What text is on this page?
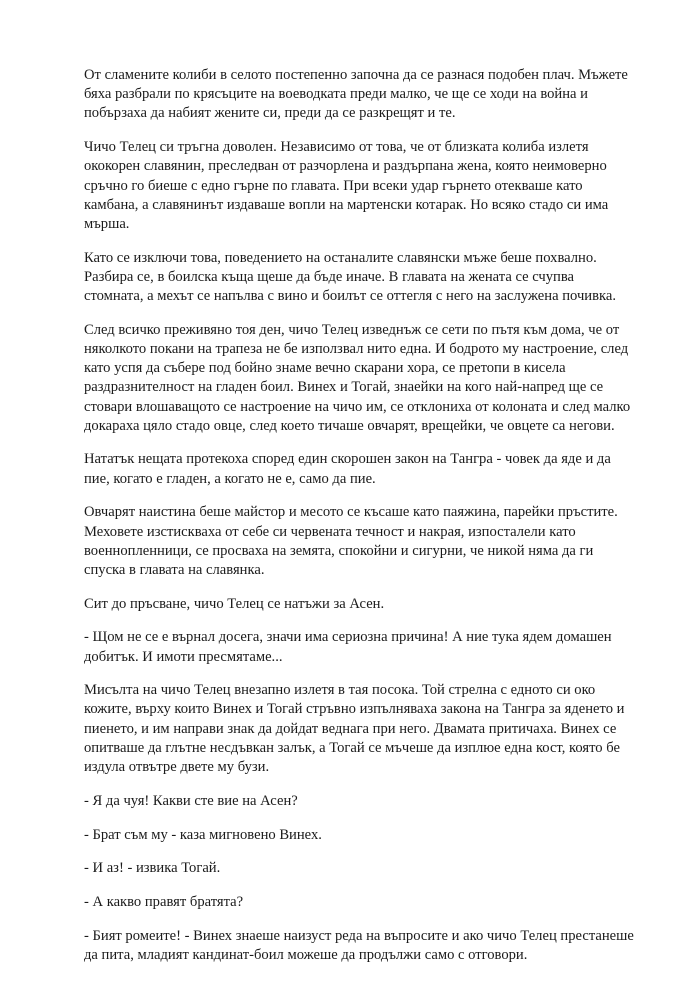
От сламените колиби в селото постепенно започна да се разнася подобен плач. Мъжете
бяха разбрали по крясъците на воеводката преди малко, че ще се ходи на война и
побързаха да набият жените си, преди да се разкрещят и те.

Чичо Телец си тръгна доволен. Независимо от това, че от близката колиба излетя
ококорен славянин, преследван от разчорлена и раздърпана жена, която неимоверно
сръчно го биеше с едно гърне по главата. При всеки удар гърнето отекваше като
камбана, а славянинът издаваше вопли на мартенски котарак. Но всяко стадо си има
мърша.

Като се изключи това, поведението на останалите славянски мъже беше похвално.
Разбира се, в боилска къща щеше да бъде иначе. В главата на жената се счупва
стомната, а мехът се напълва с вино и боилът се оттегля с него на заслужена почивка.

След всичко преживяно тоя ден, чичо Телец изведнъж се сети по пътя към дома, че от
няколкото покани на трапеза не бе използвал нито една. И бодрото му настроение, след
като успя да събере под бойно знаме вечно скарани хора, се претопи в кисела
раздразнителност на гладен боил. Винех и Тогай, знаейки на кого най-напред ще се
стовари влошаващото се настроение на чичо им, се отклониха от колоната и след малко
докараха цяло стадо овце, след което тичаше овчарят, врещейки, че овцете са негови.

Нататък нещата протекоха според един скорошен закон на Тангра - човек да яде и да
пие, когато е гладен, а когато не е, само да пие.

Овчарят наистина беше майстор и месото се късаше като паяжина, парейки пръстите.
Меховете изстискваха от себе си червената течност и накрая, изпосталели като
военнопленници, се просваха на земята, спокойни и сигурни, че никой няма да ги
спуска в главата на славянка.

Сит до пръсване, чичо Телец се натъжи за Асен.

- Щом не се е върнал досега, значи има сериозна причина! А ние тука ядем домашен
добитък. И имоти пресмятаме...

Мисълта на чичо Телец внезапно излетя в тая посока. Той стрелна с едното си око
кожите, върху които Винех и Тогай стръвно изпълняваха закона на Тангра за яденето и
пиенето, и им направи знак да дойдат веднага при него. Двамата притичаха. Винех се
опитваше да глътне несдъвкан залък, а Тогай се мъчеше да изплюе една кост, която бе
издула отвътре двете му бузи.

- Я да чуя! Какви сте вие на Асен?

- Брат съм му - каза мигновено Винех.

- И аз! - извика Тогай.

- А какво правят братята?

- Бият ромеите! - Винех знаеше наизуст реда на въпросите и ако чичо Телец престанеше
да пита, младият кандинат-боил можеше да продължи само с отговори.
